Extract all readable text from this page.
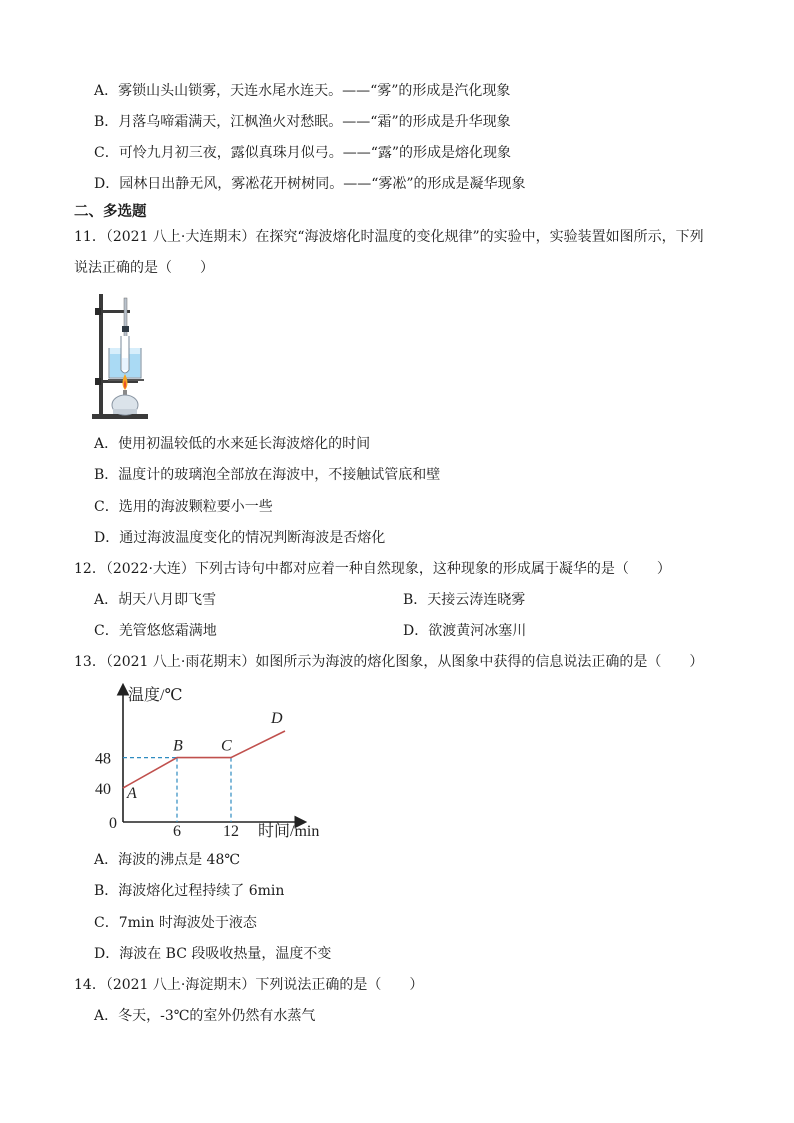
A．雾锁山头山锁雾，天连水尾水连天。——“雾”的形成是汽化现象
B．月落乌啼霜满天，江枫渔火对愁眠。——“霜”的形成是升华现象
C．可怜九月初三夜，露似真珠月似弓。——“露”的形成是熔化现象
D．园林日出静无风，雾凇花开树树同。——“雾凇”的形成是凝华现象
二、多选题
11．（2021 八上·大连期末）在探究“海波熔化时温度的变化规律”的实验中，实验装置如图所示，下列
说法正确的是（　　）
A．使用初温较低的水来延长海波熔化的时间
B．温度计的玻璃泡全部放在海波中，不接触试管底和壁
C．选用的海波颗粒要小一些
D．通过海波温度变化的情况判断海波是否熔化
12．（2022·大连）下列古诗句中都对应着一种自然现象，这种现象的形成属于凝华的是（　　）
A．胡天八月即飞雪	B．天接云涛连晓雾
C．羌管悠悠霜满地	D．欲渡黄河冰塞川
13．（2021 八上·雨花期末）如图所示为海波的熔化图象，从图象中获得的信息说法正确的是（　　）
温度/℃
时间/min
0
40
48
6	12
A
B C
D
A．海波的沸点是 48℃
B．海波熔化过程持续了 6min
C．7min 时海波处于液态
D．海波在 BC 段吸收热量，温度不变
14．（2021 八上·海淀期末）下列说法正确的是（　　）
A．冬天，-3℃的室外仍然有水蒸气
